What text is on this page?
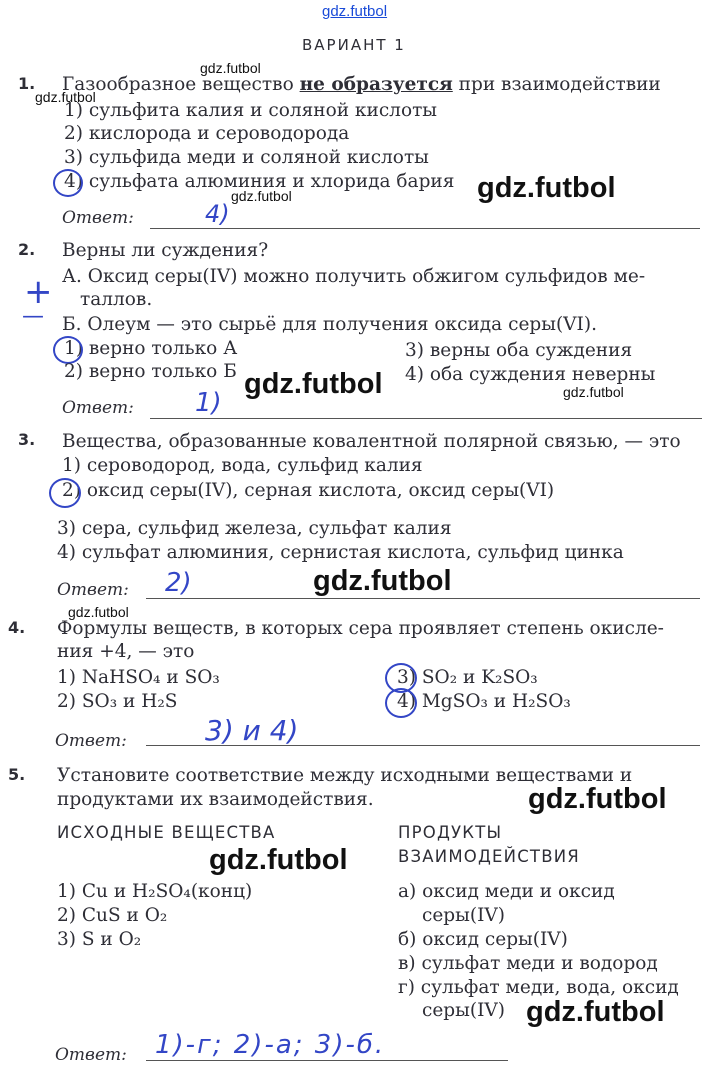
gdz.futbol
ВАРИАНТ 1
1. Газообразное вещество не образуется при взаимодействии
1) сульфита калия и соляной кислоты
2) кислорода и сероводорода
3) сульфида меди и соляной кислоты
4) сульфата алюминия и хлорида бария
Ответ:	4)
2. Верны ли суждения?
+ А. Оксид серы(IV) можно получить обжигом сульфидов ме-
таллов.
— Б. Олеум — это сырьё для получения оксида серы(VI).
1) верно только А
2) верно только Б
3) верны оба суждения
4) оба суждения неверны
Ответ: 1)
3. Вещества, образованные ковалентной полярной связью, — это
1) сероводород, вода, сульфид калия
2) оксид серы(IV), серная кислота, оксид серы(VI)
3) сера, сульфид железа, сульфат калия
4) сульфат алюминия, сернистая кислота, сульфид цинка
Ответ: 2)
4. Формулы веществ, в которых сера проявляет степень окисле-
ния +4, — это
1) NaHSO₄ и SO₃
2) SO₃ и H₂S
3) SO₂ и K₂SO₃
4) MgSO₃ и H₂SO₃
Ответ:	3) и 4)
5. Установите соответствие между исходными веществами и
продуктами их взаимодействия.
ИСХОДНЫЕ ВЕЩЕСТВА	ПРОДУКТЫ
ВЗАИМОДЕЙСТВИЯ
1) Cu и H₂SO₄(конц)
2) CuS и O₂
3) S и O₂
а) оксид меди и оксид
серы(IV)
б) оксид серы(IV)
в) сульфат меди и водород
г) сульфат меди, вода, оксид
серы(IV)
Ответ: 1)-г; 2)-а; 3)-б.
gdz.futbol
gdz.futbol
gdz.futbol
gdz.futbol
gdz.futbol	gdz.futbol
gdz.futbol
gdz.futbol
gdz.futbol
gdz.futbol
gdz.futbol
